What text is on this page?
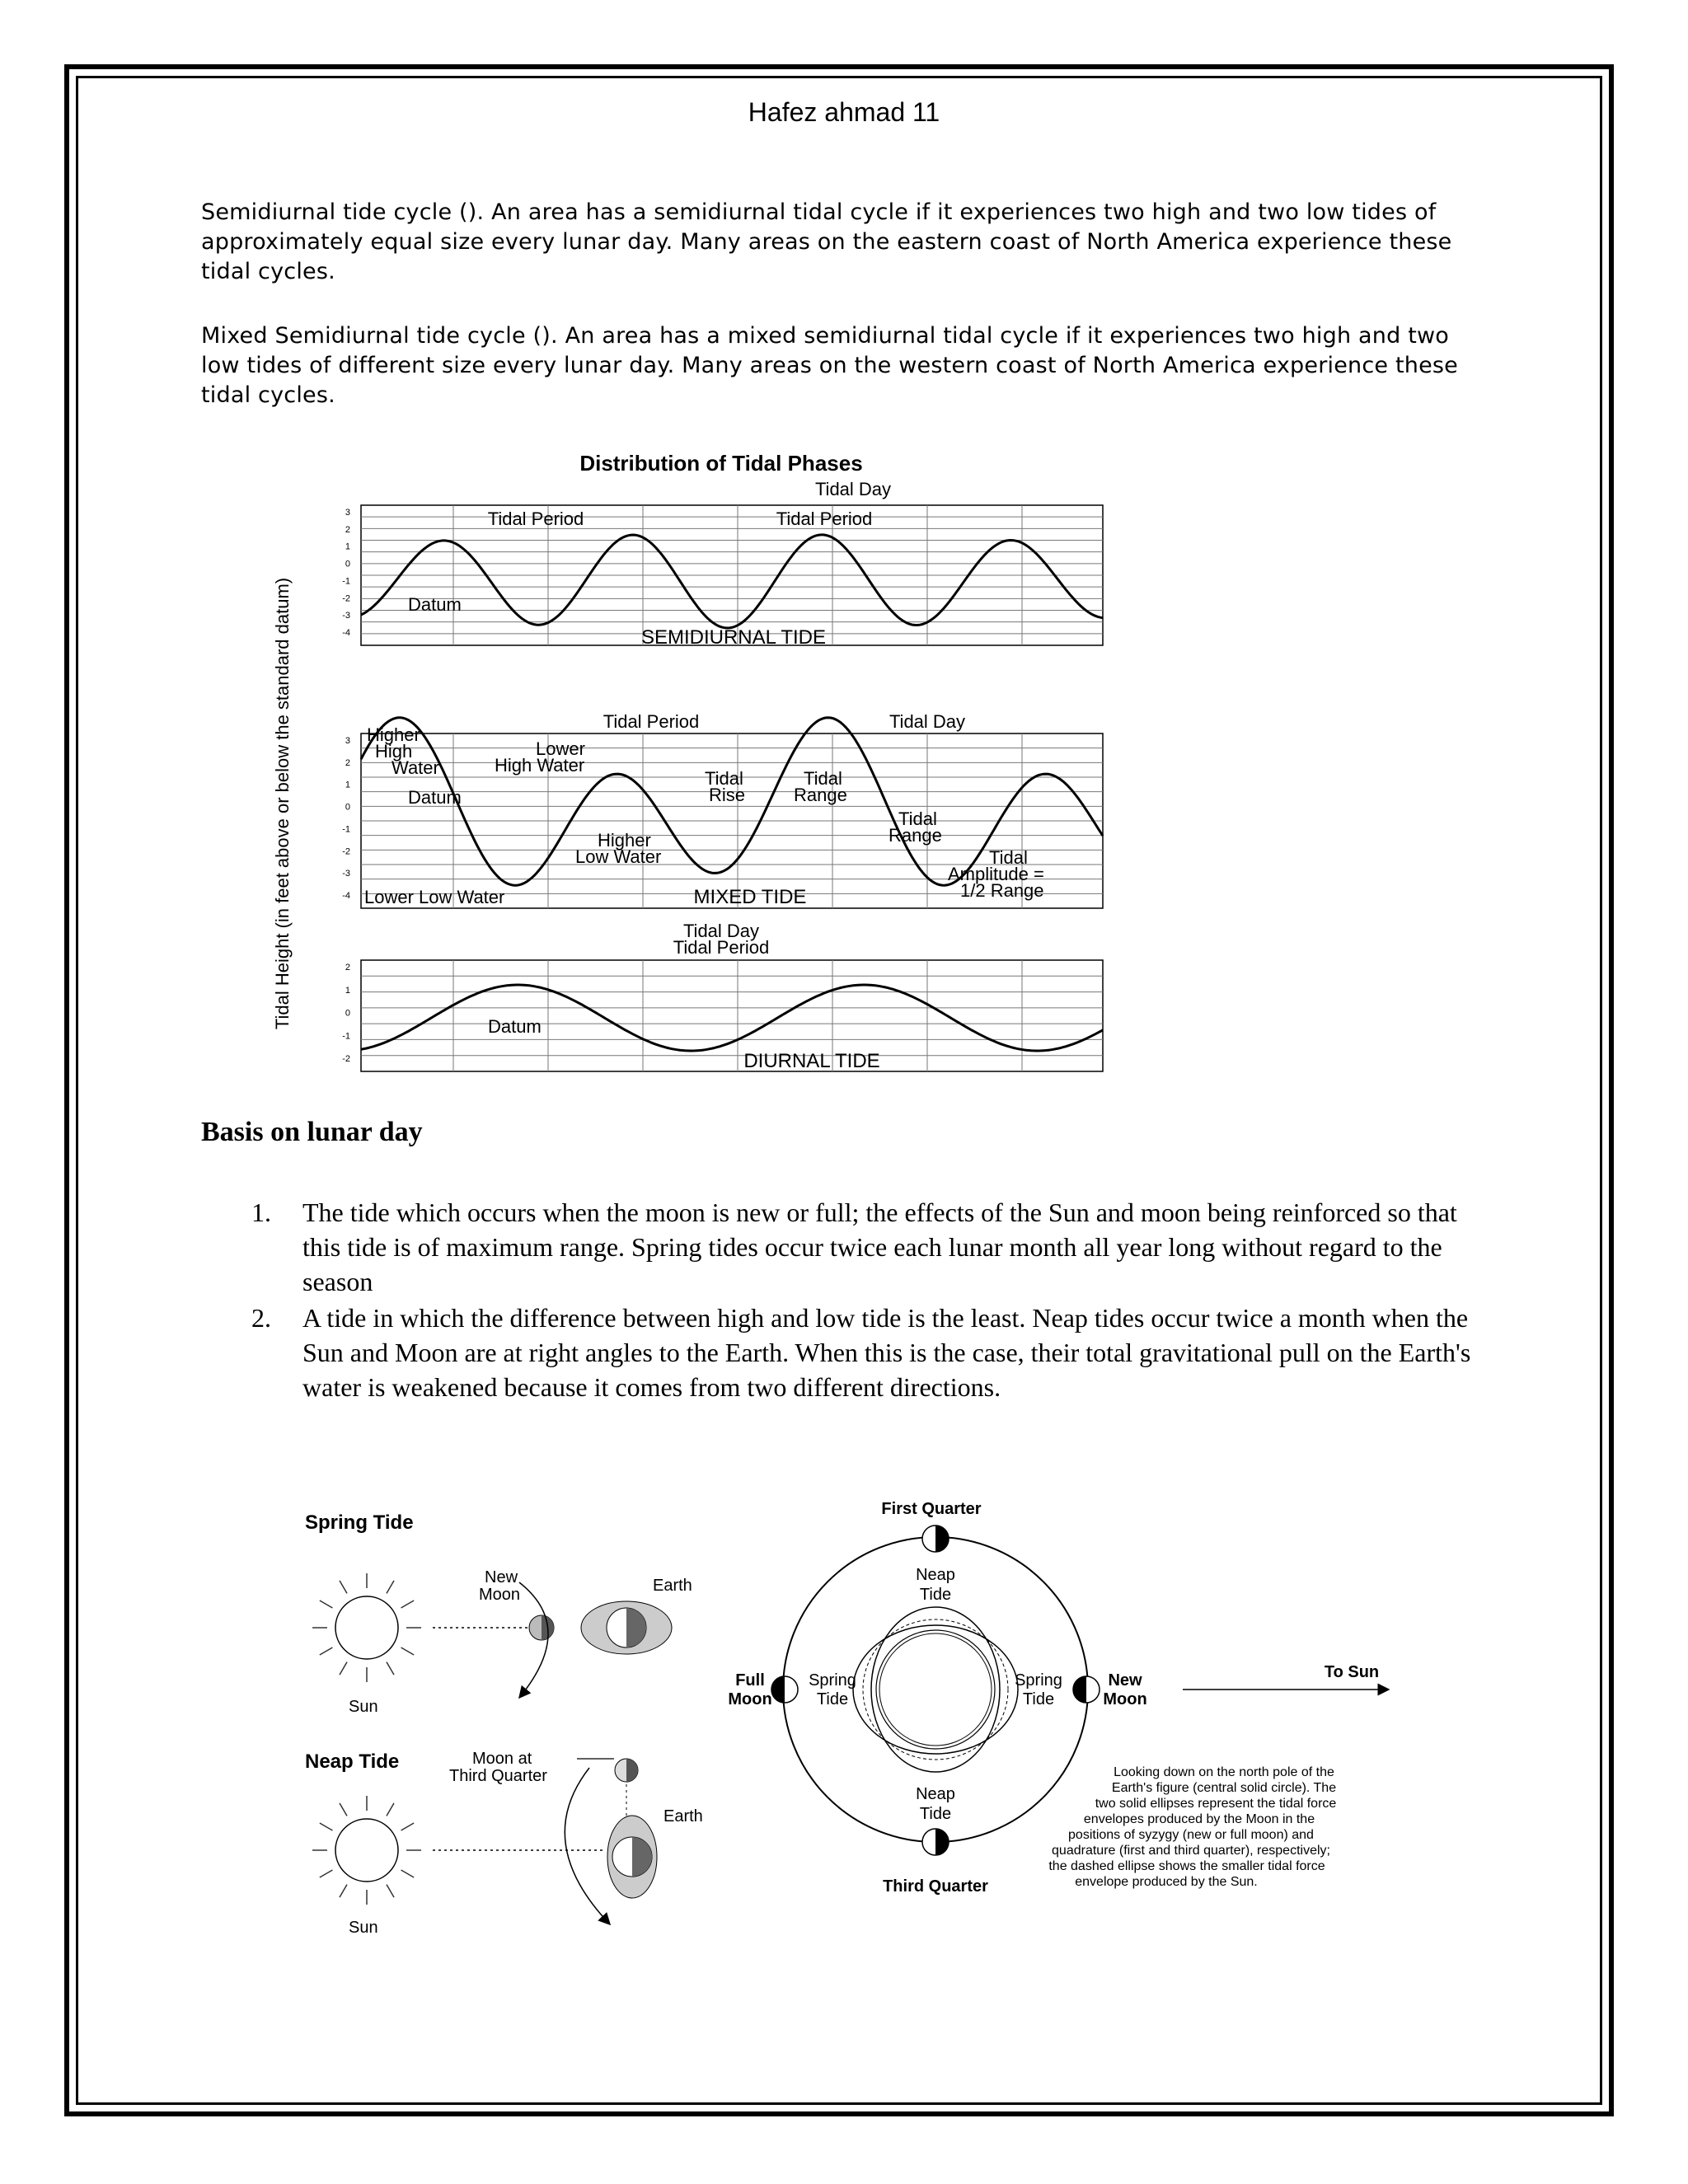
Hafez ahmad 11
Semidiurnal tide cycle (). An area has a semidiurnal tidal cycle if it experiences two high and two low tides of approximately equal size every lunar day. Many areas on the eastern coast of North America experience these tidal cycles.
Mixed Semidiurnal tide cycle (). An area has a mixed semidiurnal tidal cycle if it experiences two high and two low tides of different size every lunar day. Many areas on the western coast of North America experience these tidal cycles.
Distribution of Tidal Phases
Tidal Height (in feet above or below the standard datum)
3
2
1
0
-1
-2
-3
-4
Tidal Day
Tidal Period	Tidal Period
Datum
SEMIDIURNAL TIDE
3
2
1
0
-1
-2
-3
-4
Tidal Period	Tidal Day
Higher
High
Water
Lower
High Water
Datum
Tidal
Rise
Tidal
Range
Tidal
Range
Higher
Low Water	Tidal
Amplitude =
1/2 Range
Lower Low Water	MIXED TIDE
2
1
0
-1
-2
Tidal Day
Tidal Period
Datum
DIURNAL TIDE
Basis on lunar day
1. The tide which occurs when the moon is new or full; the effects of the Sun and moon being reinforced so that this tide is of maximum range. Spring tides occur twice each lunar month all year long without regard to the season
2. A tide in which the difference between high and low tide is the least. Neap tides occur twice a month when the Sun and Moon are at right angles to the Earth. When this is the case, their total gravitational pull on the Earth's water is weakened because it comes from two different directions.
Spring Tide
Sun
New
Moon	Earth
Neap Tide
Sun
Moon at
Third Quarter
Earth
First Quarter
Neap
Tide
Neap
Tide
Spring
Tide
Spring
Tide
Full
Moon
New
Moon
Third Quarter
To Sun
Looking down on the north pole of the
Earth's figure (central solid circle). The
two solid ellipses represent the tidal force
envelopes produced by the Moon in the
positions of syzygy (new or full moon) and
quadrature (first and third quarter), respectively;
the dashed ellipse shows the smaller tidal force
envelope produced by the Sun.
